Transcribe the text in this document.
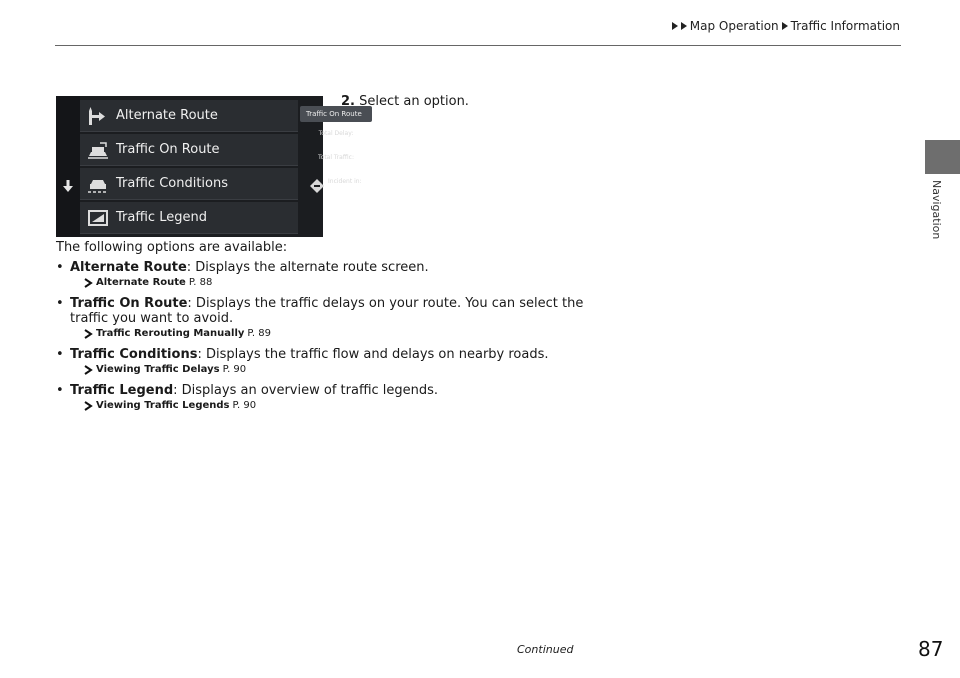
Map Operation Traffic Information
Navigation
Alternate Route
Traffic On Route
Traffic Conditions
Traffic Legend
Traffic On Route
Total Delay:
25 min
Total Traffic:
7.2 mi
Incident in:
9.5 mi
2. Select an option.
The following options are available:

• Alternate Route: Displays the alternate route screen.

Alternate Route P. 88

• Traffic On Route: Displays the traffic delays on your route. You can select the

traffic you want to avoid.

Traffic Rerouting Manually P. 89

• Traffic Conditions: Displays the traffic flow and delays on nearby roads.

Viewing Traffic Delays P. 90

• Traffic Legend: Displays an overview of traffic legends.

Viewing Traffic Legends P. 90
Continued	87
